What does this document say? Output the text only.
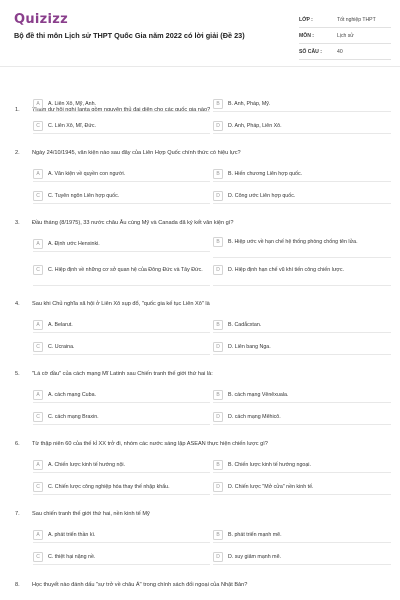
Quizizz
Bộ đề thi môn Lịch sử THPT Quốc Gia năm 2022 có lời giải (Đề 23)
LỚP :	Tốt nghiệp THPT
MÔN :	Lịch sử
SỐ CÂU :	40
1. Tham dự hội nghị Ianta gồm nguyên thủ đại diện cho các quốc gia nào?
A	A. Liên Xô, Mỹ, Anh.	B	B. Anh, Pháp, Mỹ.
C	C. Liên Xô, Mĩ, Đức.	D	D. Anh, Pháp, Liên Xô.
2. Ngày 24/10/1945, văn kiện nào sau đây của Liên Hợp Quốc chính thức có hiệu lực?
A	A. Văn kiện về quyền con người.	B	B. Hiến chương Liên hợp quốc.
C	C. Tuyên ngôn Liên hợp quốc.	D	D. Công ước Liên hợp quốc.
3. Đầu tháng (8/1975), 33 nước châu Âu cùng Mỹ và Canada đã ký kết văn kiện gì?
A	A. Định ước Henxinki.	B	B. Hiệp ước về hạn chế hệ thống phòng chống tên lửa.
C	C. Hiệp định về những cơ sở quan hệ của Đông Đức và Tây Đức.	D	D. Hiệp định hạn chế vũ khí tiến công chiến lược.
4. Sau khi Chủ nghĩa xã hội ở Liên Xô sụp đổ, "quốc gia kế tục Liên Xô" là
A	A. Belarut.	B	B. Cadắcxtan.
C	C. Ucraina.	D	D. Liên bang Nga.
5. "Lá cờ đầu" của cách mạng Mĩ Latinh sau Chiến tranh thế giới thứ hai là:
A	A. cách mạng Cuba.	B	B. cách mạng Vênêxuala.
C	C. cách mạng Braxin.	D	D. cách mạng Mêhicô.
6. Từ thập niên 60 của thế kỉ XX trở đi, nhóm các nước sáng lập ASEAN thực hiện chiến lược gì?
A	A. Chiến lược kinh tế hướng nội.	B	B. Chiến lược kinh tế hướng ngoại.
C	C. Chiến lược công nghiệp hóa thay thế nhập khẩu.	D	D. Chiến lược "Mở cửa" nền kinh tế.
7. Sau chiến tranh thế giới thứ hai, nền kinh tế Mỹ
A	A. phát triển thần kì.	B	B. phát triển mạnh mẽ.
C	C. thiệt hại nặng nề.	D	D. suy giảm mạnh mẽ.
8. Học thuyết nào đánh dấu "sự trở về châu Á" trong chính sách đối ngoại của Nhật Bản?
